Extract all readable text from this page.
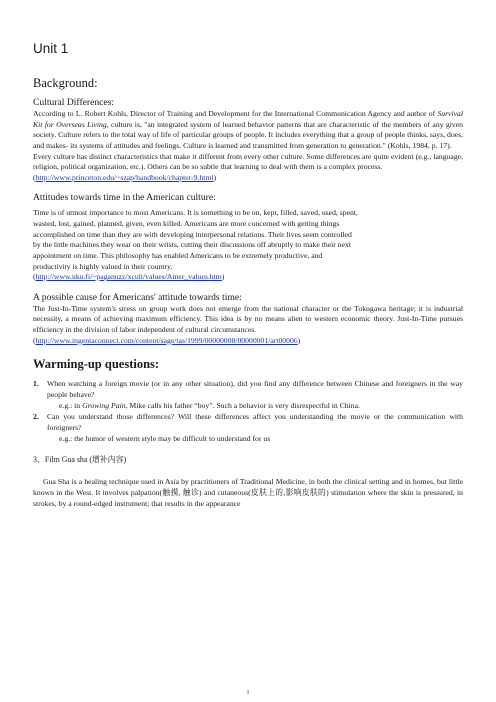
Unit 1
Background:
Cultural Differences:

According to L. Robert Kohls, Director of Training and Development for the International Communication Agency and author of Survival Kit for Overseas Living, culture is, "an integrated system of learned behavior patterns that are characteristic of the members of any given society. Culture refers to the total way of life of particular groups of people. It includes everything that a group of people thinks, says, does, and makes- its systems of attitudes and feelings. Culture is learned and transmitted from generation to generation." (Kohls, 1984, p. 17).

Every culture has distinct characteristics that make it different from every other culture. Some differences are quite evident (e.g., language, religion, political organization, etc.). Others can be so subtle that learning to deal with them is a complex process.

(http://www.princeton.edu/~szap/handbook/chapter-9.html)
Attitudes towards time in the American culture:

Time is of utmost importance to most Americans. It is something to be on, kept, filled, saved, used, spent,

wasted, lost, gained, planned, given, even killed. Americans are more concerned with getting things

accomplished on time than they are with developing interpersonal relations. Their lives seem controlled

by the little machines they wear on their wrists, cutting their discussions off abruptly to make their next

appointment on time. This philosophy has enabled Americans to be extremely productive, and

productivity is highly valued in their country.

(http://www.uku.fi/~paganuzz/xcult/values/Amer_values.htm)
A possible cause for Americans' attitude towards time:

The Just-In-Time system's stress on group work does not emerge from the national character or the Tokugawa heritage; it is industrial necessity, a means of achieving maximum efficiency. This idea is by no means alien to western economic theory. Just-In-Time pursues efficiency in the division of labor independent of cultural circumstances.

(http://www.ingentaconnect.com/content/sage/tas/1999/00000008/00000001/art00006)
Warming-up questions:
1.	When watching a foreign movie (or in any other situation), did you find any difference between Chinese and foreigners in the way people behave?
e.g.: in Growing Pain, Mike calls his father “boy”. Such a behavior is very disrespectful in China.
2.	Can you understand those differences? Will these differences affect you understanding the movie or the communication with foreigners?
e.g.: the humor of western style may be difficult to understand for us
3、Film Gua sha (增补内容)

Gua Sha is a healing technique used in Asia by practitioners of Traditional Medicine, in both the clinical setting and in homes, but little known in the West. It involves palpation(触摸, 触诊) and cutaneous(皮肤上的,影响皮肤的) stimulation where the skin is pressured, in strokes, by a round-edged instrument; that results in the appearance

1
